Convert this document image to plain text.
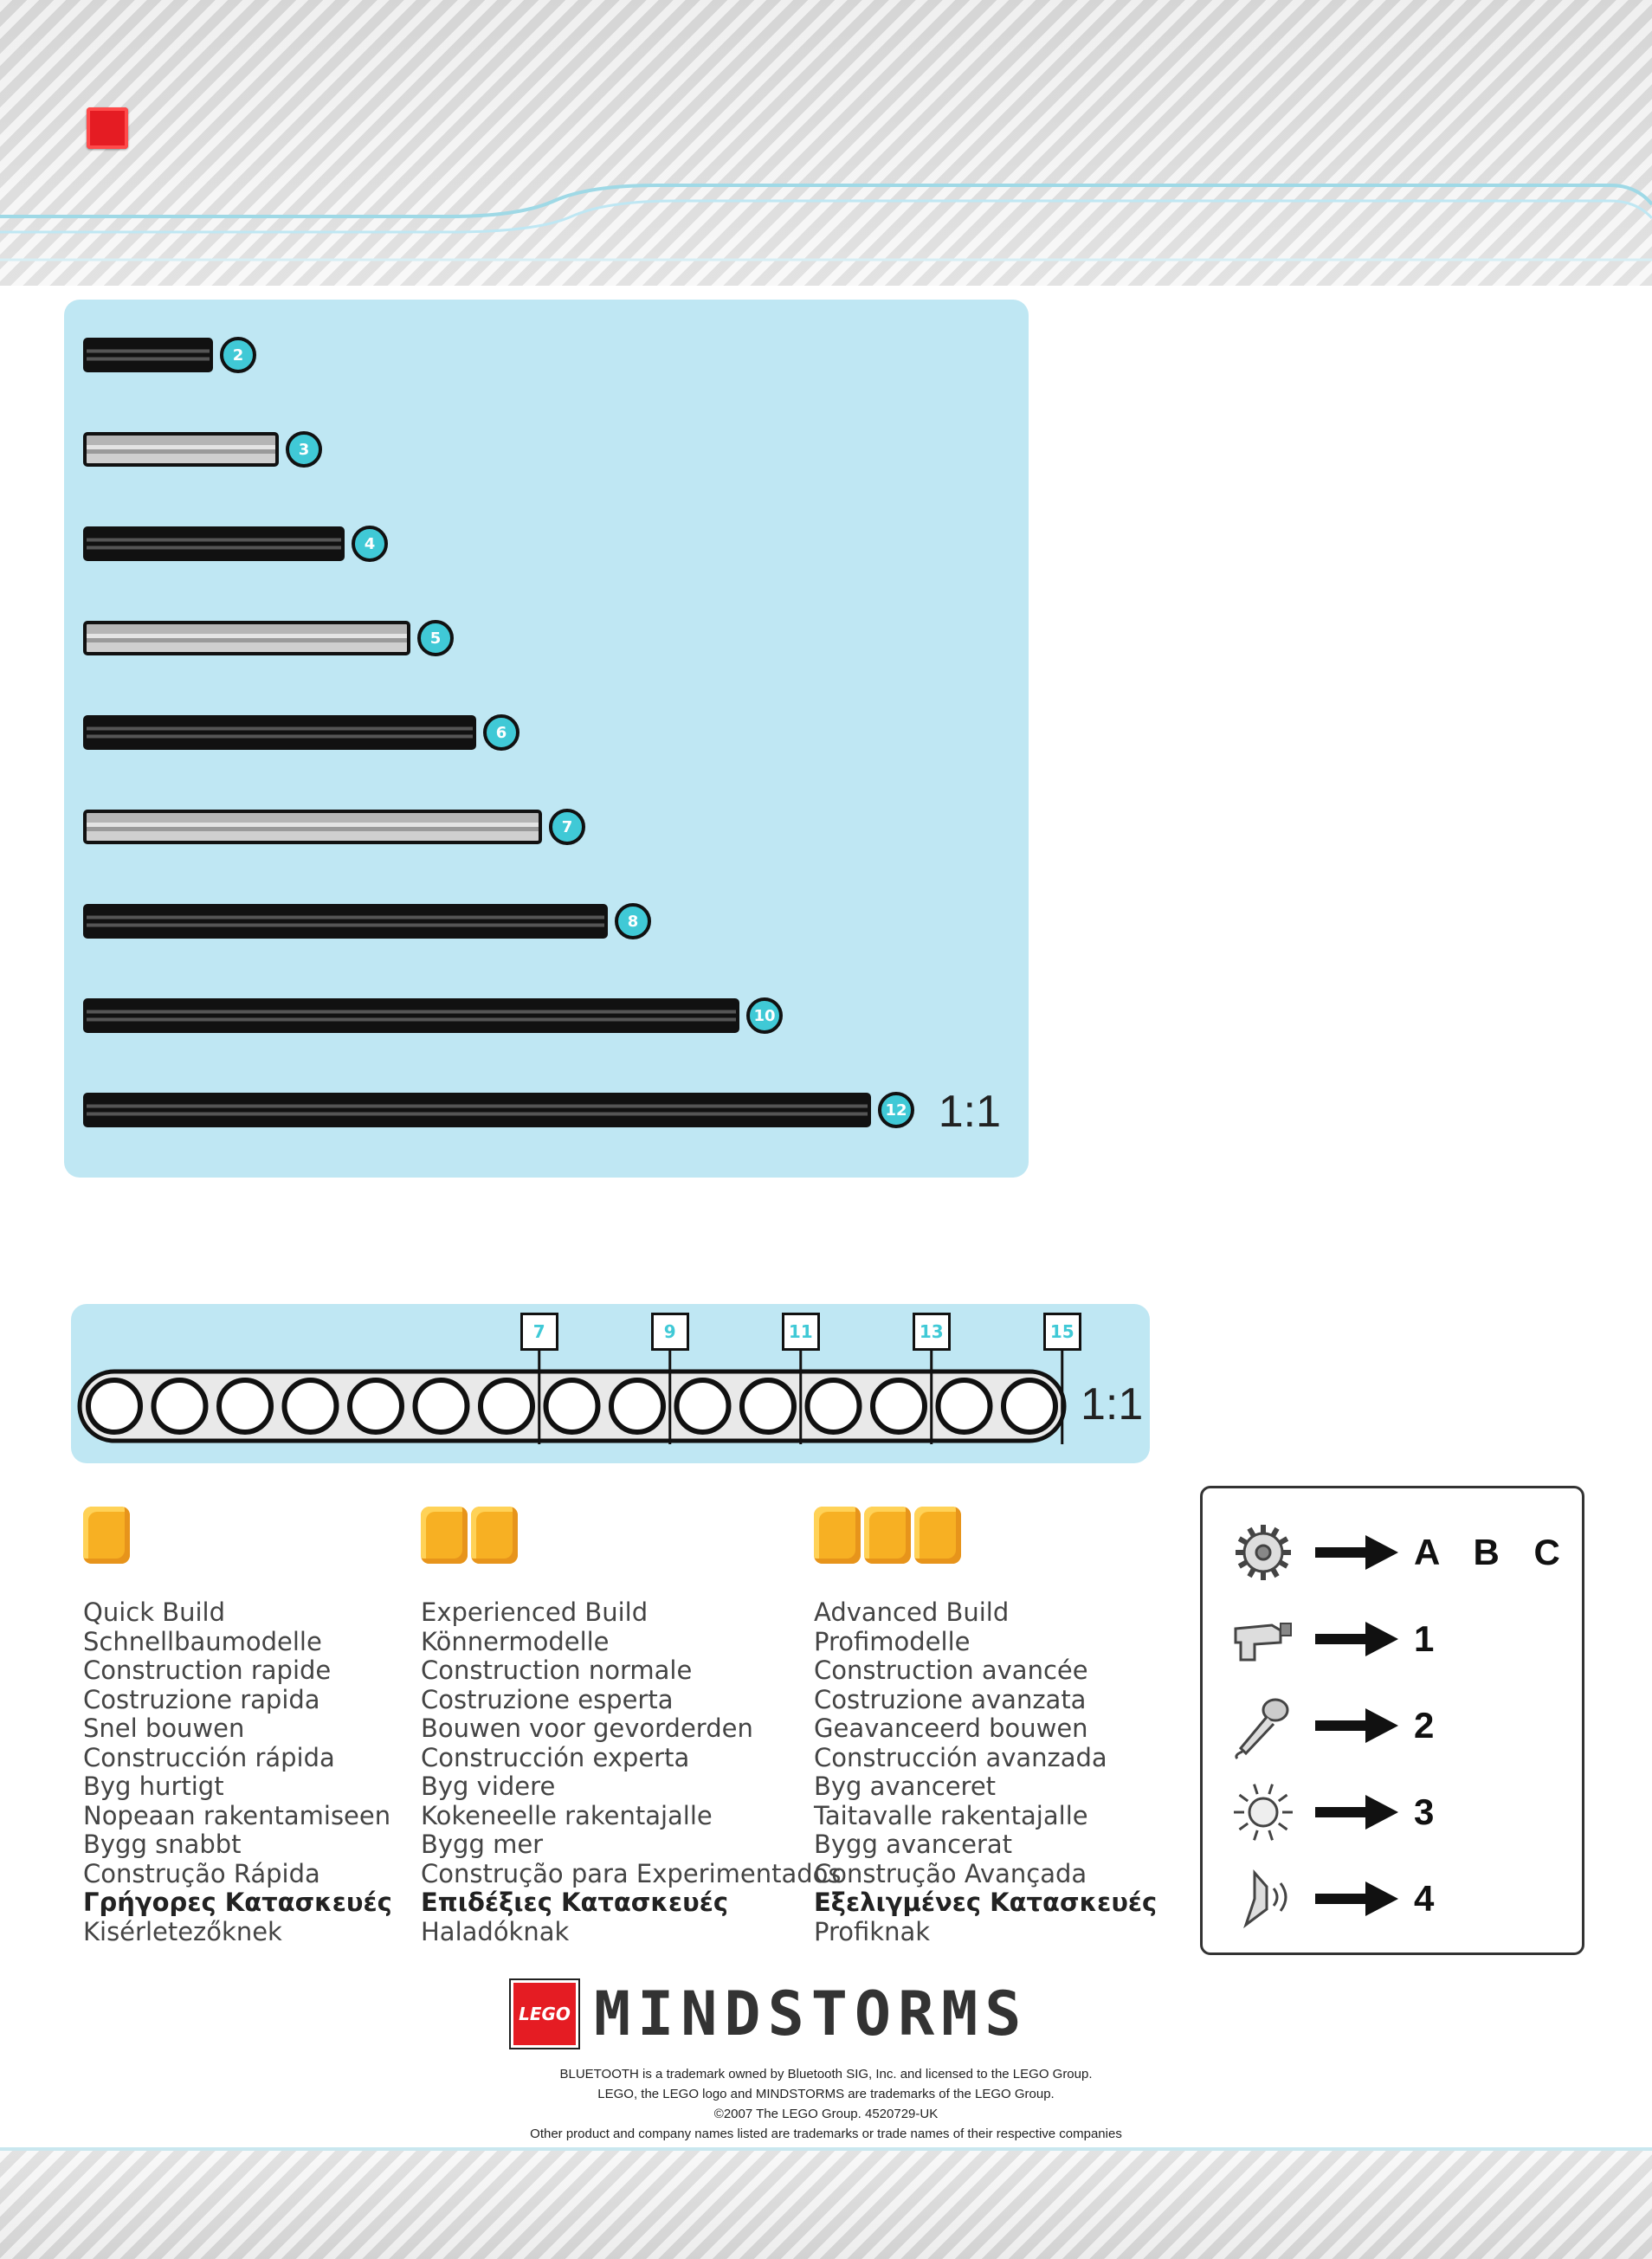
2
3
4
5
6
7
8
10
12 1:1
7	9	11	13	15
1:1
Quick Build
Schnellbaumodelle
Construction rapide
Costruzione rapida
Snel bouwen
Construcción rápida
Byg hurtigt
Nopeaan rakentamiseen
Bygg snabbt
Construção Rápida
Γρήγορες Κατασκευές
Kisérletezőknek
Experienced Build
Könnermodelle
Construction normale
Costruzione esperta
Bouwen voor gevorderden
Construcción experta
Byg videre
Kokeneelle rakentajalle
Bygg mer
Construção para Experimentados
Επιδέξιες Κατασκευές
Haladóknak
Advanced Build
Profimodelle
Construction avancée
Costruzione avanzata
Geavanceerd bouwen
Construcción avanzada
Byg avanceret
Taitavalle rakentajalle
Bygg avancerat
Construção Avançada
Εξελιγμένες Κατασκευές
Profiknak
A B C
1
2
3
4
LEGO MINDSTORMS
BLUETOOTH is a trademark owned by Bluetooth SIG, Inc. and licensed to the LEGO Group.
LEGO, the LEGO logo and MINDSTORMS are trademarks of the LEGO Group.
©2007 The LEGO Group. 4520729-UK
Other product and company names listed are trademarks or trade names of their respective companies
